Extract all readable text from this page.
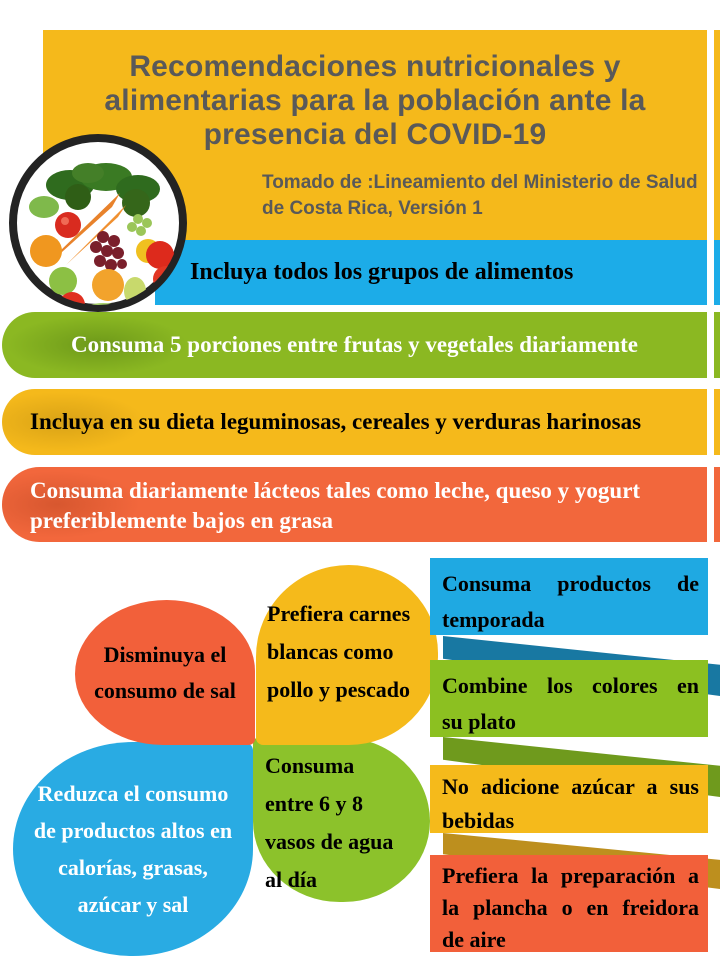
Recomendaciones nutricionales y
alimentarias para la población ante la
presencia del COVID-19
Tomado de :Lineamiento del Ministerio de Salud
de Costa Rica, Versión 1
Incluya todos los grupos de alimentos
Consuma 5 porciones entre frutas y vegetales diariamente
Incluya en su dieta leguminosas, cereales y verduras harinosas
Consuma diariamente lácteos tales como leche, queso y yogurt
preferiblemente bajos en grasa
Reduzca el consumo
de productos altos en
calorías, grasas,
azúcar y sal
Consuma
entre 6 y 8
vasos de agua
al día
Disminuya el
consumo de sal
Prefiera carnes
blancas como
pollo y pescado
Consuma productos de
temporada
Combine los colores en
su plato
No adicione azúcar a sus
bebidas
Prefiera la preparación a
la plancha o en freidora
de aire
